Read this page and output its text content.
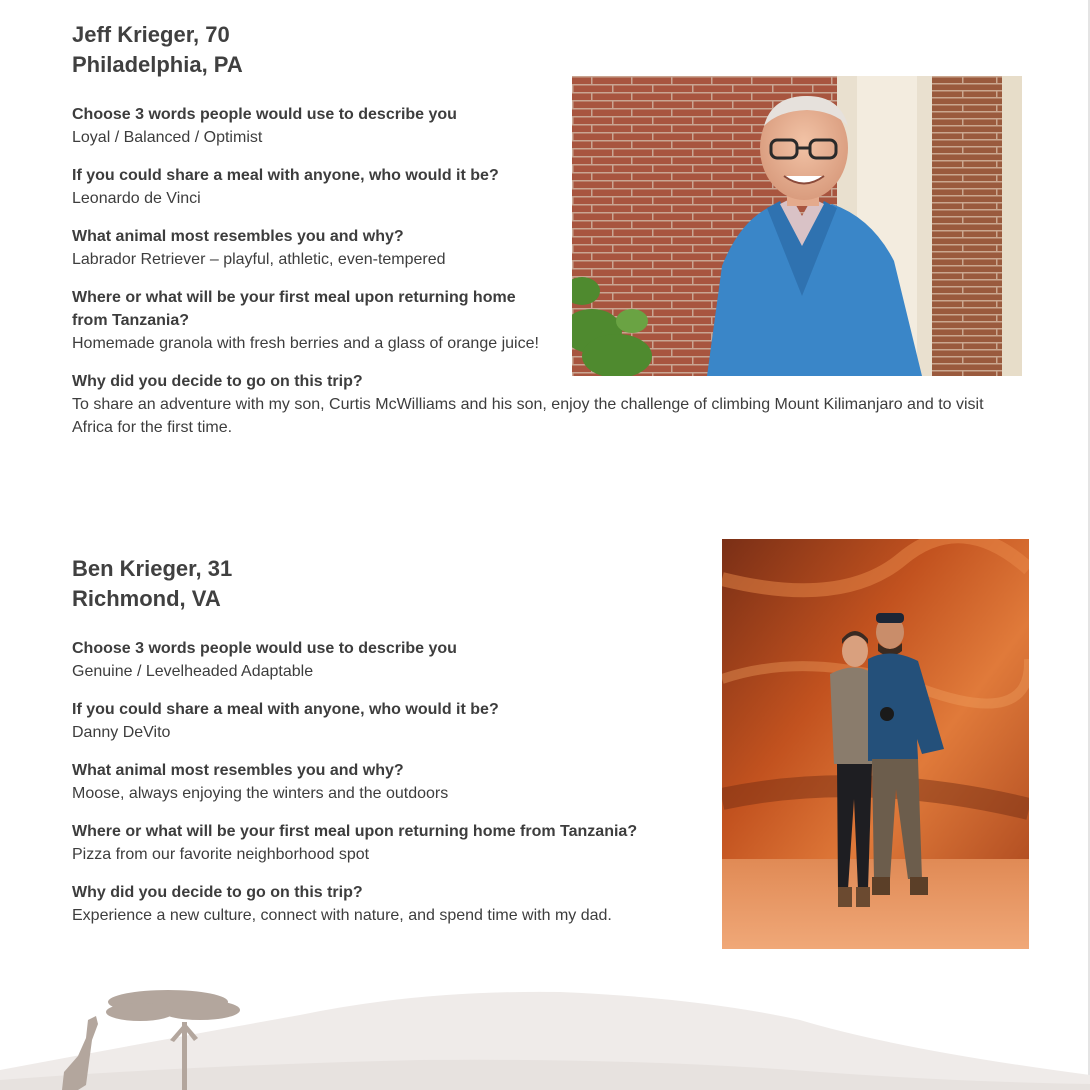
Jeff Krieger, 70
Philadelphia, PA

Choose 3 words people would use to describe you

Loyal / Balanced / Optimist

If you could share a meal with anyone, who would it be?

Leonardo de Vinci

What animal most resembles you and why?

Labrador Retriever – playful, athletic, even-tempered

Where or what will be your first meal upon returning home from Tanzania?

Homemade granola with fresh berries and a glass of orange juice!

Why did you decide to go on this trip?

To share an adventure with my son, Curtis McWilliams and his son, enjoy the challenge of climbing Mount Kilimanjaro and to visit Africa for the first time.

Ben Krieger, 31
Richmond, VA

Choose 3 words people would use to describe you

Genuine / Levelheaded Adaptable

If you could share a meal with anyone, who would it be?

Danny DeVito

What animal most resembles you and why?

Moose, always enjoying the winters and the outdoors

Where or what will be your first meal upon returning home from Tanzania?

Pizza from our favorite neighborhood spot

Why did you decide to go on this trip?

Experience a new culture, connect with nature, and spend time with my dad.
